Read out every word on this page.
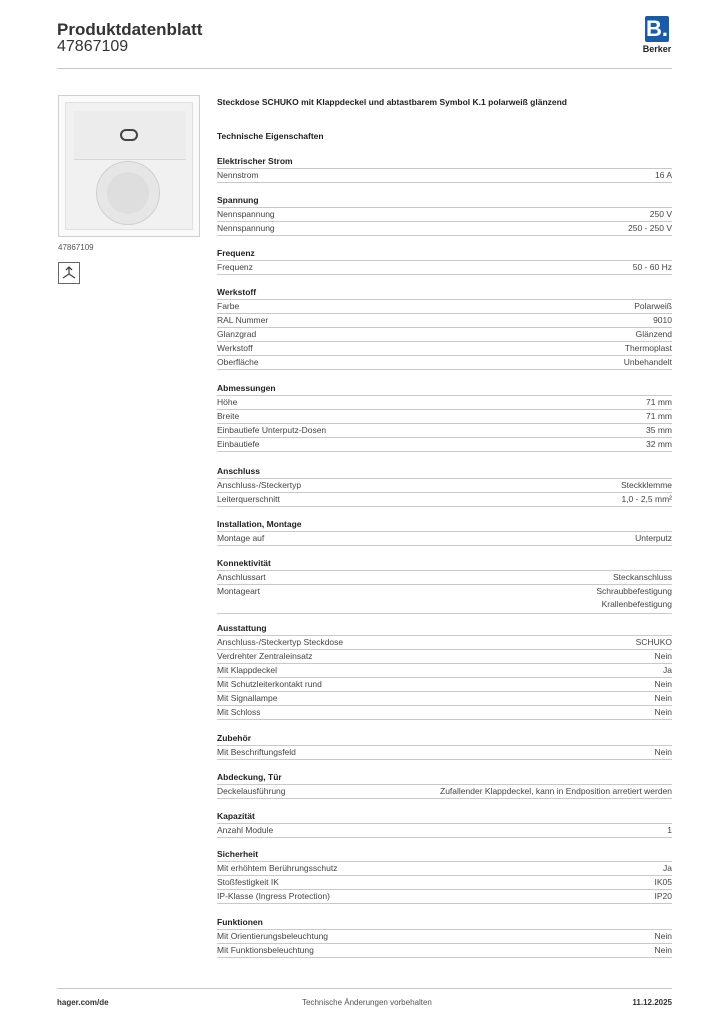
Produktdatenblatt
47867109
B.
Berker
47867109
Steckdose SCHUKO mit Klappdeckel und abtastbarem Symbol K.1 polarweiß glänzend
Technische Eigenschaften
Elektrischer Strom
Nennstrom	16 A
Spannung
Nennspannung	250 V
Nennspannung	250 - 250 V
Frequenz
Frequenz	50 - 60 Hz
Werkstoff
Farbe	Polarweiß
RAL Nummer	9010
Glanzgrad	Glänzend
Werkstoff	Thermoplast
Oberfläche	Unbehandelt
Abmessungen
Höhe	71 mm
Breite	71 mm
Einbautiefe Unterputz-Dosen	35 mm
Einbautiefe	32 mm
Anschluss
Anschluss-/Steckertyp	Steckklemme
Leiterquerschnitt	1,0 - 2,5 mm²
Installation, Montage
Montage auf	Unterputz
Konnektivität
Anschlussart	Steckanschluss
Montageart	Schraubbefestigung
Krallenbefestigung
Ausstattung
Anschluss-/Steckertyp Steckdose	SCHUKO
Verdrehter Zentraleinsatz	Nein
Mit Klappdeckel	Ja
Mit Schutzleiterkontakt rund	Nein
Mit Signallampe	Nein
Mit Schloss	Nein
Zubehör
Mit Beschriftungsfeld	Nein
Abdeckung, Tür
Deckelausführung	Zufallender Klappdeckel, kann in Endposition arretiert werden
Kapazität
Anzahl Module	1
Sicherheit
Mit erhöhtem Berührungsschutz	Ja
Stoßfestigkeit IK	IK05
IP-Klasse (Ingress Protection)	IP20
Funktionen
Mit Orientierungsbeleuchtung	Nein
Mit Funktionsbeleuchtung	Nein
hager.com/de	Technische Änderungen vorbehalten	11.12.2025
